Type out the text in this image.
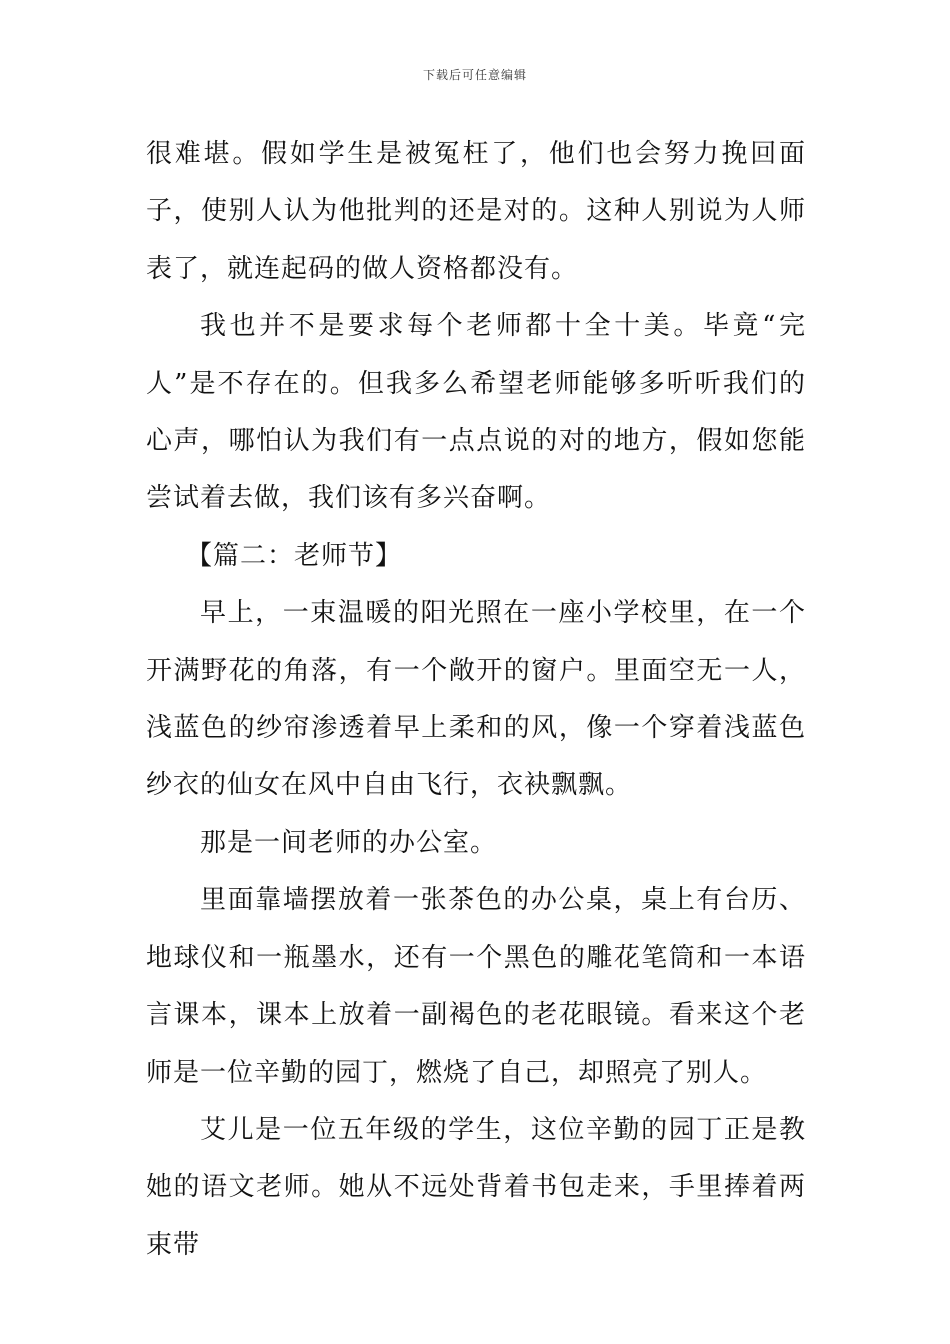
下载后可任意编辑

很难堪。假如学生是被冤枉了，他们也会努力挽回面子，使别人认为他批判的还是对的。这种人别说为人师表了，就连起码的做人资格都没有。

我也并不是要求每个老师都十全十美。毕竟“完人”是不存在的。但我多么希望老师能够多听听我们的心声，哪怕认为我们有一点点说的对的地方，假如您能尝试着去做，我们该有多兴奋啊。

【篇二：老师节】

早上，一束温暖的阳光照在一座小学校里，在一个开满野花的角落，有一个敞开的窗户。里面空无一人，浅蓝色的纱帘渗透着早上柔和的风，像一个穿着浅蓝色纱衣的仙女在风中自由飞行，衣袂飘飘。

那是一间老师的办公室。

里面靠墙摆放着一张茶色的办公桌，桌上有台历、地球仪和一瓶墨水，还有一个黑色的雕花笔筒和一本语言课本，课本上放着一副褐色的老花眼镜。看来这个老师是一位辛勤的园丁，燃烧了自己，却照亮了别人。

艾儿是一位五年级的学生，这位辛勤的园丁正是教她的语文老师。她从不远处背着书包走来，手里捧着两束带
